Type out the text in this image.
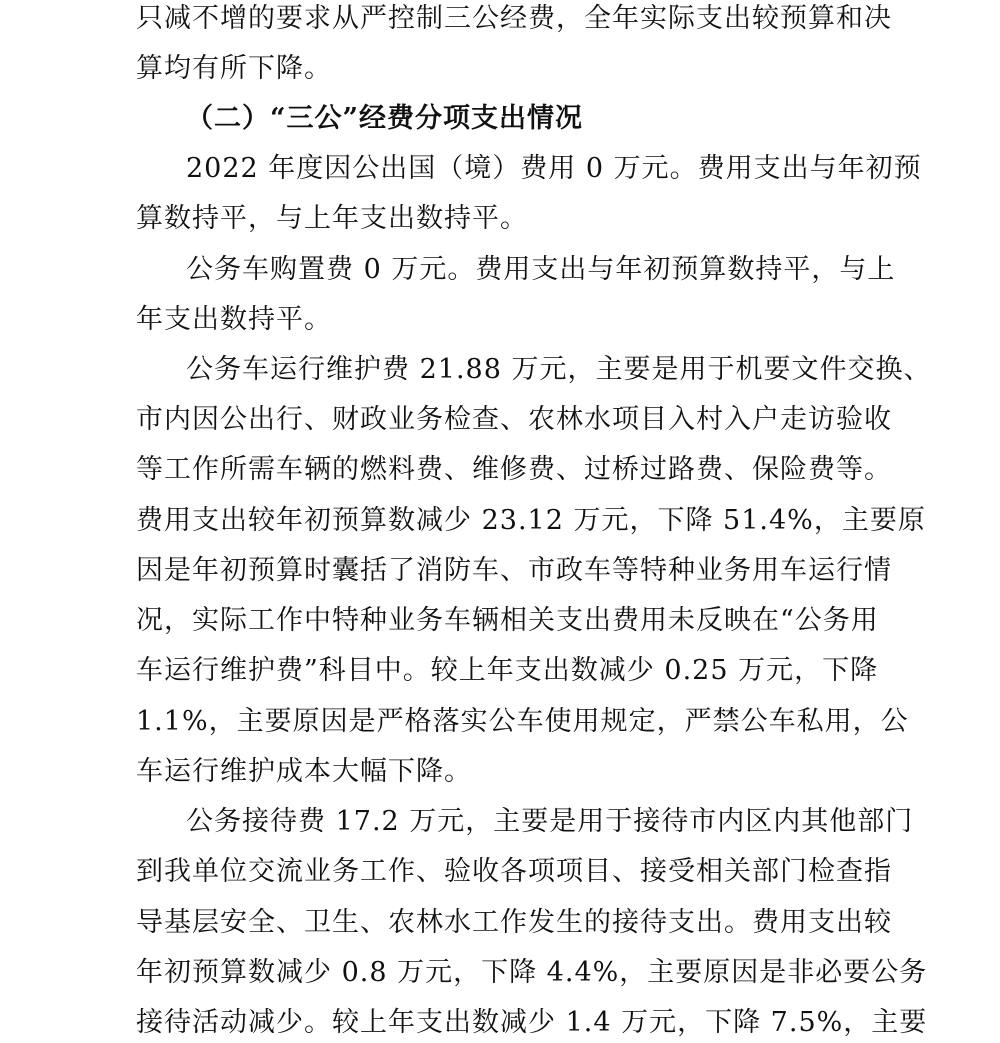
只减不增的要求从严控制三公经费，全年实际支出较预算和决
算均有所下降。
（二）“三公”经费分项支出情况
2022 年度因公出国（境）费用 0 万元。费用支出与年初预
算数持平，与上年支出数持平。
公务车购置费 0 万元。费用支出与年初预算数持平，与上
年支出数持平。
公务车运行维护费 21.88 万元，主要是用于机要文件交换、
市内因公出行、财政业务检查、农林水项目入村入户走访验收
等工作所需车辆的燃料费、维修费、过桥过路费、保险费等。
费用支出较年初预算数减少 23.12 万元，下降 51.4%，主要原
因是年初预算时囊括了消防车、市政车等特种业务用车运行情
况，实际工作中特种业务车辆相关支出费用未反映在“公务用
车运行维护费”科目中。较上年支出数减少 0.25 万元，下降
1.1%，主要原因是严格落实公车使用规定，严禁公车私用，公
车运行维护成本大幅下降。
公务接待费 17.2 万元，主要是用于接待市内区内其他部门
到我单位交流业务工作、验收各项项目、接受相关部门检查指
导基层安全、卫生、农林水工作发生的接待支出。费用支出较
年初预算数减少 0.8 万元，下降 4.4%，主要原因是非必要公务
接待活动减少。较上年支出数减少 1.4 万元，下降 7.5%，主要
